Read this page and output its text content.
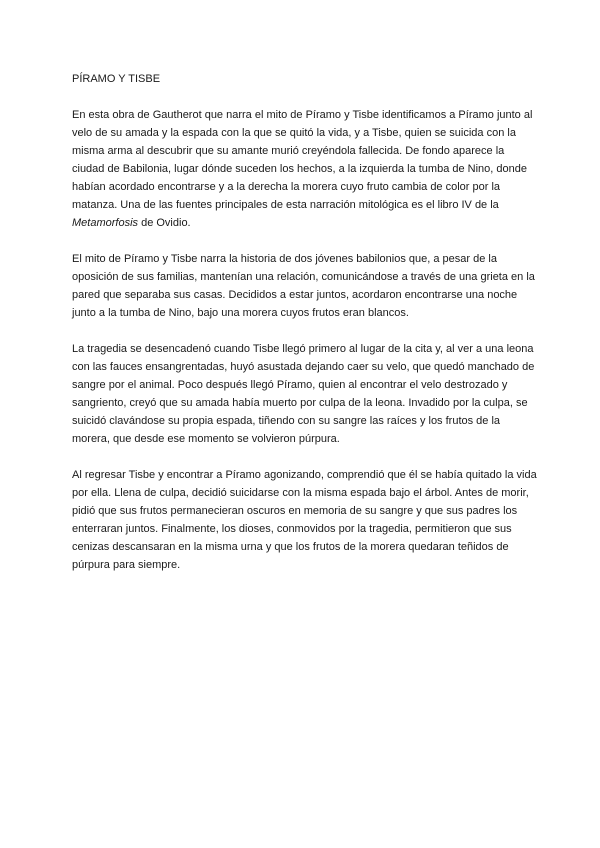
PÍRAMO Y TISBE

En esta obra de Gautherot que narra el mito de Píramo y Tisbe identificamos a Píramo junto al velo de su amada y la espada con la que se quitó la vida, y a Tisbe, quien se suicida con la misma arma al descubrir que su amante murió creyéndola fallecida. De fondo aparece la ciudad de Babilonia, lugar dónde suceden los hechos, a la izquierda la tumba de Nino, donde habían acordado encontrarse y a la derecha la morera cuyo fruto cambia de color por la matanza. Una de las fuentes principales de esta narración mitológica es el libro IV de la Metamorfosis de Ovidio.

El mito de Píramo y Tisbe narra la historia de dos jóvenes babilonios que, a pesar de la oposición de sus familias, mantenían una relación, comunicándose a través de una grieta en la pared que separaba sus casas. Decididos a estar juntos, acordaron encontrarse una noche junto a la tumba de Nino, bajo una morera cuyos frutos eran blancos.

La tragedia se desencadenó cuando Tisbe llegó primero al lugar de la cita y, al ver a una leona con las fauces ensangrentadas, huyó asustada dejando caer su velo, que quedó manchado de sangre por el animal. Poco después llegó Píramo, quien al encontrar el velo destrozado y sangriento, creyó que su amada había muerto por culpa de la leona. Invadido por la culpa, se suicidó clavándose su propia espada, tiñendo con su sangre las raíces y los frutos de la morera, que desde ese momento se volvieron púrpura.

Al regresar Tisbe y encontrar a Píramo agonizando, comprendió que él se había quitado la vida por ella. Llena de culpa, decidió suicidarse con la misma espada bajo el árbol. Antes de morir, pidió que sus frutos permanecieran oscuros en memoria de su sangre y que sus padres los enterraran juntos. Finalmente, los dioses, conmovidos por la tragedia, permitieron que sus cenizas descansaran en la misma urna y que los frutos de la morera quedaran teñidos de púrpura para siempre.
